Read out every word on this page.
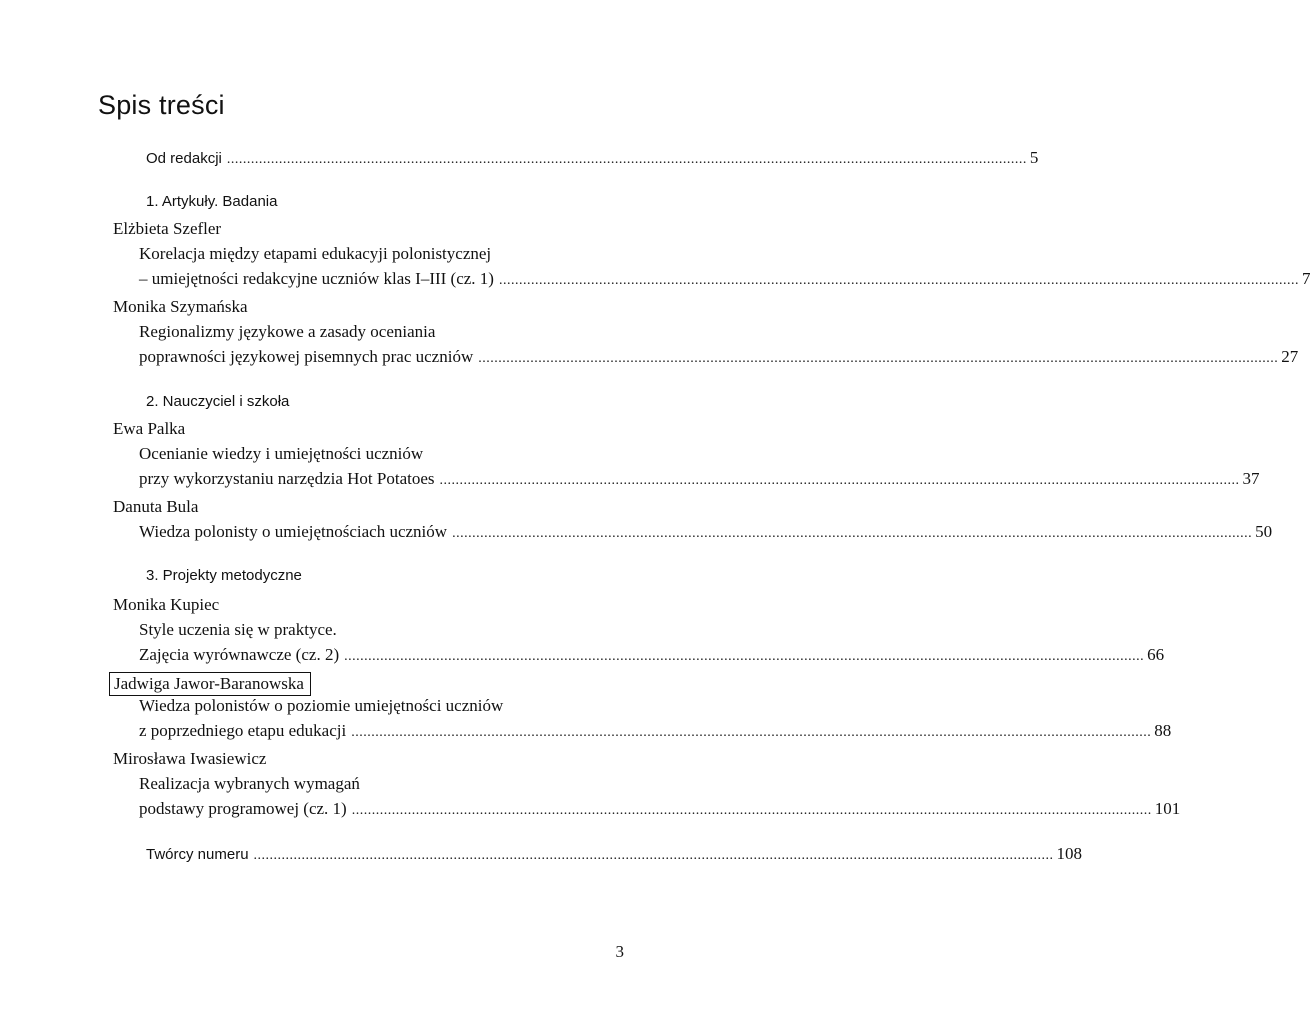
Spis treści
Od redakcji ........................................................................................................................................................................................................ 5
1. Artykuły. Badania
Elżbieta Szefler
Korelacja między etapami edukacyji polonistycznej
– umiejętności redakcyjne uczniów klas I–III (cz. 1) ........................................................................................................................................................................................................ 7
Monika Szymańska
Regionalizmy językowe a zasady oceniania
poprawności językowej pisemnych prac uczniów ........................................................................................................................................................................................................ 27
2. Nauczyciel i szkoła
Ewa Palka
Ocenianie wiedzy i umiejętności uczniów
przy wykorzystaniu narzędzia Hot Potatoes ........................................................................................................................................................................................................ 37
Danuta Bula
Wiedza polonisty o umiejętnościach uczniów ........................................................................................................................................................................................................ 50
3. Projekty metodyczne
Monika Kupiec
Style uczenia się w praktyce.
Zajęcia wyrównawcze (cz. 2) ........................................................................................................................................................................................................ 66
Jadwiga Jawor-Baranowska
Wiedza polonistów o poziomie umiejętności uczniów
z poprzedniego etapu edukacji ........................................................................................................................................................................................................ 88
Mirosława Iwasiewicz
Realizacja wybranych wymagań
podstawy programowej (cz. 1) ........................................................................................................................................................................................................ 101
Twórcy numeru ........................................................................................................................................................................................................ 108
3
